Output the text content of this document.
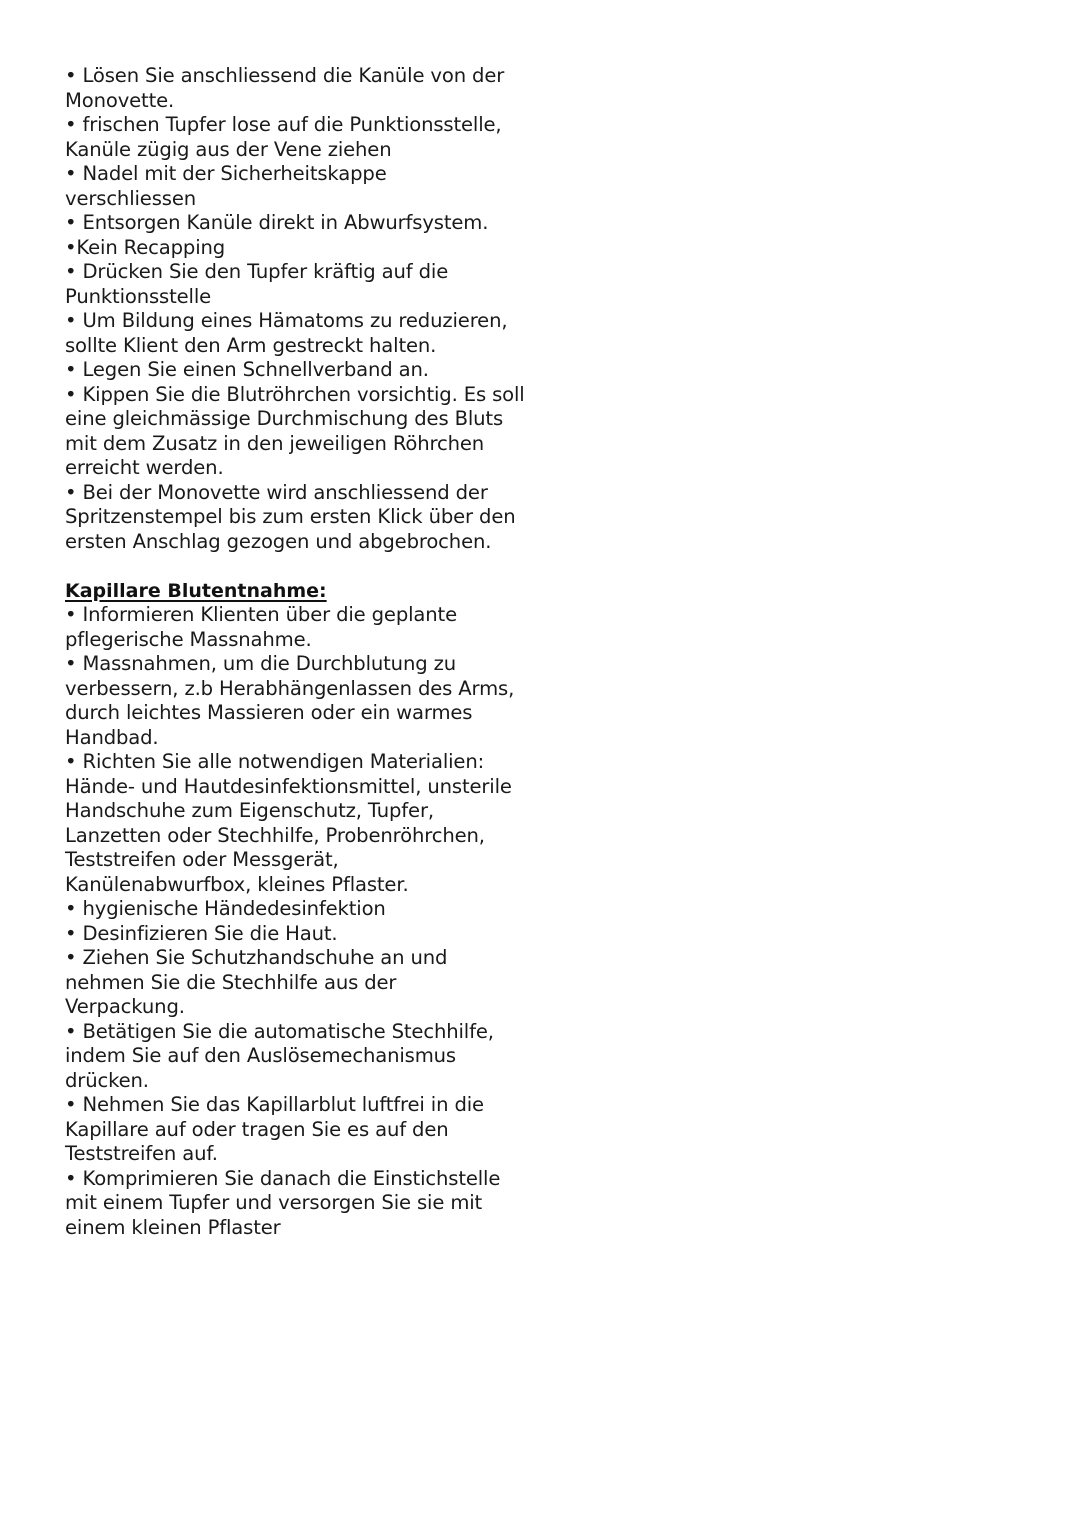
• Lösen Sie anschliessend die Kanüle von der
Monovette.
• frischen Tupfer lose auf die Punktionsstelle,
Kanüle zügig aus der Vene ziehen
• Nadel mit der Sicherheitskappe
verschliessen
• Entsorgen Kanüle direkt in Abwurfsystem.
•Kein Recapping
• Drücken Sie den Tupfer kräftig auf die
Punktionsstelle
• Um Bildung eines Hämatoms zu reduzieren,
sollte Klient den Arm gestreckt halten.
• Legen Sie einen Schnellverband an.
• Kippen Sie die Blutröhrchen vorsichtig. Es soll
eine gleichmässige Durchmischung des Bluts
mit dem Zusatz in den jeweiligen Röhrchen
erreicht werden.
• Bei der Monovette wird anschliessend der
Spritzenstempel bis zum ersten Klick über den
ersten Anschlag gezogen und abgebrochen.
Kapillare Blutentnahme:
• Informieren Klienten über die geplante
pflegerische Massnahme.
• Massnahmen, um die Durchblutung zu
verbessern, z.b Herabhängenlassen des Arms,
durch leichtes Massieren oder ein warmes
Handbad.
• Richten Sie alle notwendigen Materialien:
Hände- und Hautdesinfektionsmittel, unsterile
Handschuhe zum Eigenschutz, Tupfer,
Lanzetten oder Stechhilfe, Probenröhrchen,
Teststreifen oder Messgerät,
Kanülenabwurfbox, kleines Pflaster.
• hygienische Händedesinfektion
• Desinfizieren Sie die Haut.
• Ziehen Sie Schutzhandschuhe an und
nehmen Sie die Stechhilfe aus der
Verpackung.
• Betätigen Sie die automatische Stechhilfe,
indem Sie auf den Auslösemechanismus
drücken.
• Nehmen Sie das Kapillarblut luftfrei in die
Kapillare auf oder tragen Sie es auf den
Teststreifen auf.
• Komprimieren Sie danach die Einstichstelle
mit einem Tupfer und versorgen Sie sie mit
einem kleinen Pflaster
